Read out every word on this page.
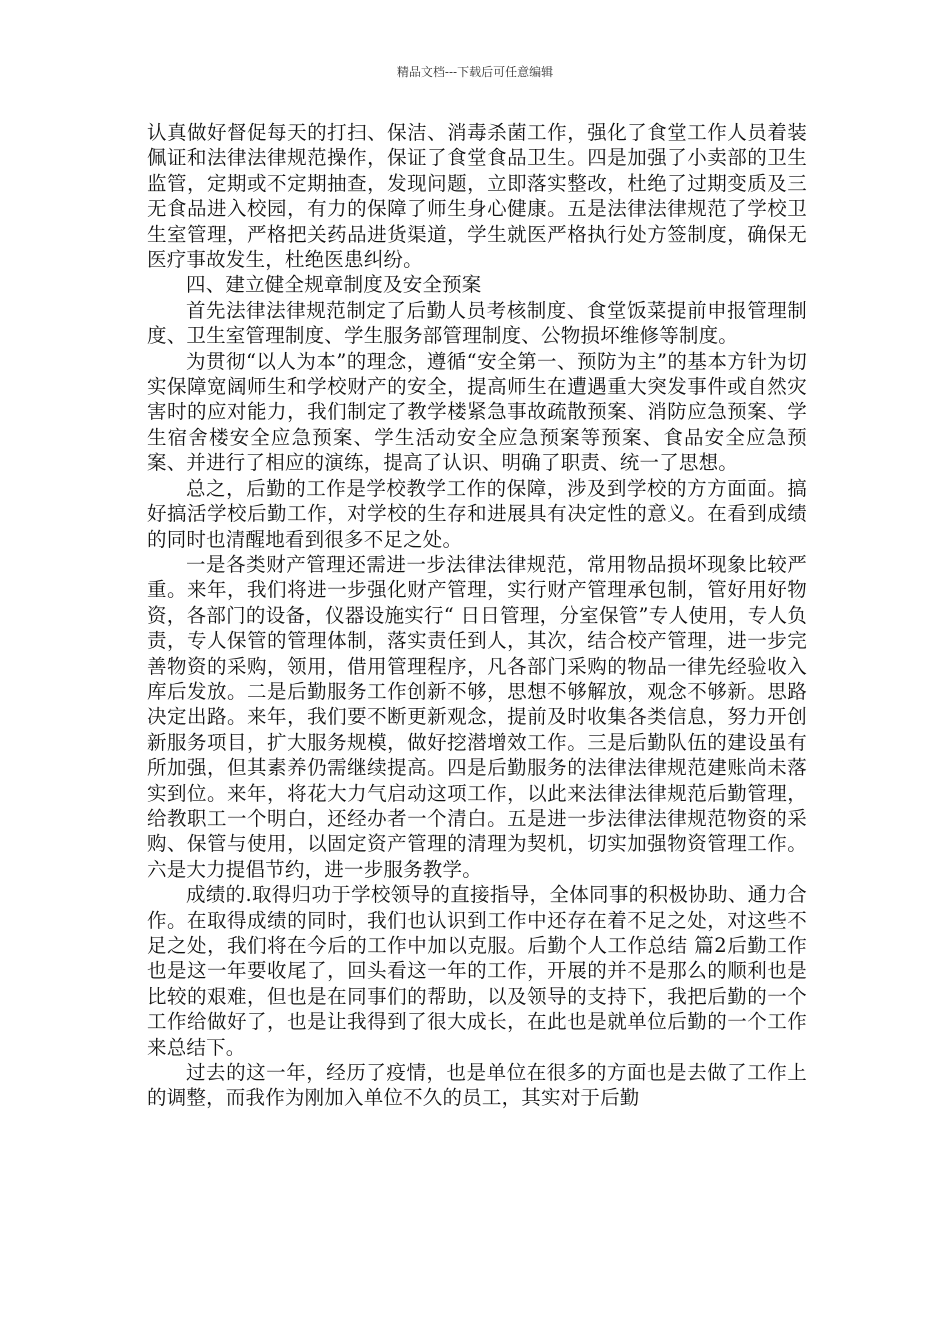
精品文档---下载后可任意编辑

认真做好督促每天的打扫、保洁、消毒杀菌工作，强化了食堂工作人员着装佩证和法律法律规范操作，保证了食堂食品卫生。四是加强了小卖部的卫生监管，定期或不定期抽查，发现问题，立即落实整改，杜绝了过期变质及三无食品进入校园，有力的保障了师生身心健康。五是法律法律规范了学校卫生室管理，严格把关药品进货渠道，学生就医严格执行处方签制度，确保无医疗事故发生，杜绝医患纠纷。

四、建立健全规章制度及安全预案

首先法律法律规范制定了后勤人员考核制度、食堂饭菜提前申报管理制度、卫生室管理制度、学生服务部管理制度、公物损坏维修等制度。

为贯彻“以人为本”的理念，遵循“安全第一、预防为主”的基本方针为切实保障宽阔师生和学校财产的安全，提高师生在遭遇重大突发事件或自然灾害时的应对能力，我们制定了教学楼紧急事故疏散预案、消防应急预案、学生宿舍楼安全应急预案、学生活动安全应急预案等预案、食品安全应急预案、并进行了相应的演练，提高了认识、明确了职责、统一了思想。

总之，后勤的工作是学校教学工作的保障，涉及到学校的方方面面。搞好搞活学校后勤工作，对学校的生存和进展具有决定性的意义。在看到成绩的同时也清醒地看到很多不足之处。

一是各类财产管理还需进一步法律法律规范，常用物品损坏现象比较严重。来年，我们将进一步强化财产管理，实行财产管理承包制，管好用好物资，各部门的设备，仪器设施实行“ 日日管理，分室保管”专人使用，专人负责，专人保管的管理体制，落实责任到人，其次，结合校产管理，进一步完善物资的采购，领用，借用管理程序，凡各部门采购的物品一律先经验收入库后发放。二是后勤服务工作创新不够，思想不够解放，观念不够新。思路决定出路。来年，我们要不断更新观念，提前及时收集各类信息，努力开创新服务项目，扩大服务规模，做好挖潜增效工作。三是后勤队伍的建设虽有所加强，但其素养仍需继续提高。四是后勤服务的法律法律规范建账尚未落实到位。来年，将花大力气启动这项工作，以此来法律法律规范后勤管理，给教职工一个明白，还经办者一个清白。五是进一步法律法律规范物资的采购、保管与使用，以固定资产管理的清理为契机，切实加强物资管理工作。六是大力提倡节约，进一步服务教学。

成绩的.取得归功于学校领导的直接指导，全体同事的积极协助、通力合作。在取得成绩的同时，我们也认识到工作中还存在着不足之处，对这些不足之处，我们将在今后的工作中加以克服。后勤个人工作总结 篇2后勤工作也是这一年要收尾了，回头看这一年的工作，开展的并不是那么的顺利也是比较的艰难，但也是在同事们的帮助，以及领导的支持下，我把后勤的一个工作给做好了，也是让我得到了很大成长，在此也是就单位后勤的一个工作来总结下。

过去的这一年，经历了疫情，也是单位在很多的方面也是去做了工作上的调整，而我作为刚加入单位不久的员工，其实对于后勤
